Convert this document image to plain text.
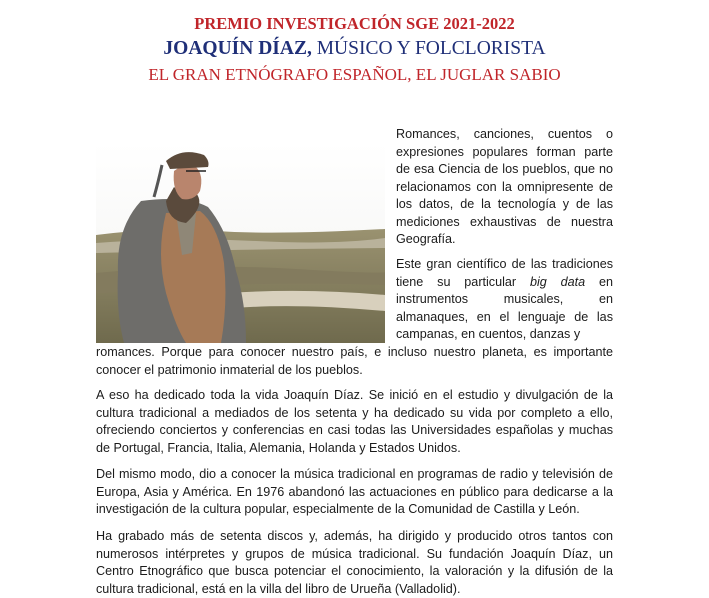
PREMIO INVESTIGACIÓN SGE 2021-2022
JOAQUÍN DÍAZ, MÚSICO Y FOLCLORISTA
EL GRAN ETNÓGRAFO ESPAÑOL, EL JUGLAR SABIO
Romances, canciones, cuentos o expresiones populares forman parte de esa Ciencia de los pueblos, que no relacionamos con la omnipresente de los datos, de la tecnología y de las mediciones exhaustivas de nuestra Geografía.
Este gran científico de las tradiciones tiene su particular big data en instrumentos musicales, en almanaques, en el lenguaje de las campanas, en cuentos, danzas y
romances. Porque para conocer nuestro país, e incluso nuestro planeta, es importante conocer el patrimonio inmaterial de los pueblos.
A eso ha dedicado toda la vida Joaquín Díaz. Se inició en el estudio y divulgación de la cultura tradicional a mediados de los setenta y ha dedicado su vida por completo a ello, ofreciendo conciertos y conferencias en casi todas las Universidades españolas y muchas de Portugal, Francia, Italia, Alemania, Holanda y Estados Unidos.
Del mismo modo, dio a conocer la música tradicional en programas de radio y televisión de Europa, Asia y América. En 1976 abandonó las actuaciones en público para dedicarse a la investigación de la cultura popular, especialmente de la Comunidad de Castilla y León.
Ha grabado más de setenta discos y, además, ha dirigido y producido otros tantos con numerosos intérpretes y grupos de música tradicional. Su fundación Joaquín Díaz, un Centro Etnográfico que busca potenciar el conocimiento, la valoración y la difusión de la cultura tradicional, está en la villa del libro de Urueña (Valladolid).
